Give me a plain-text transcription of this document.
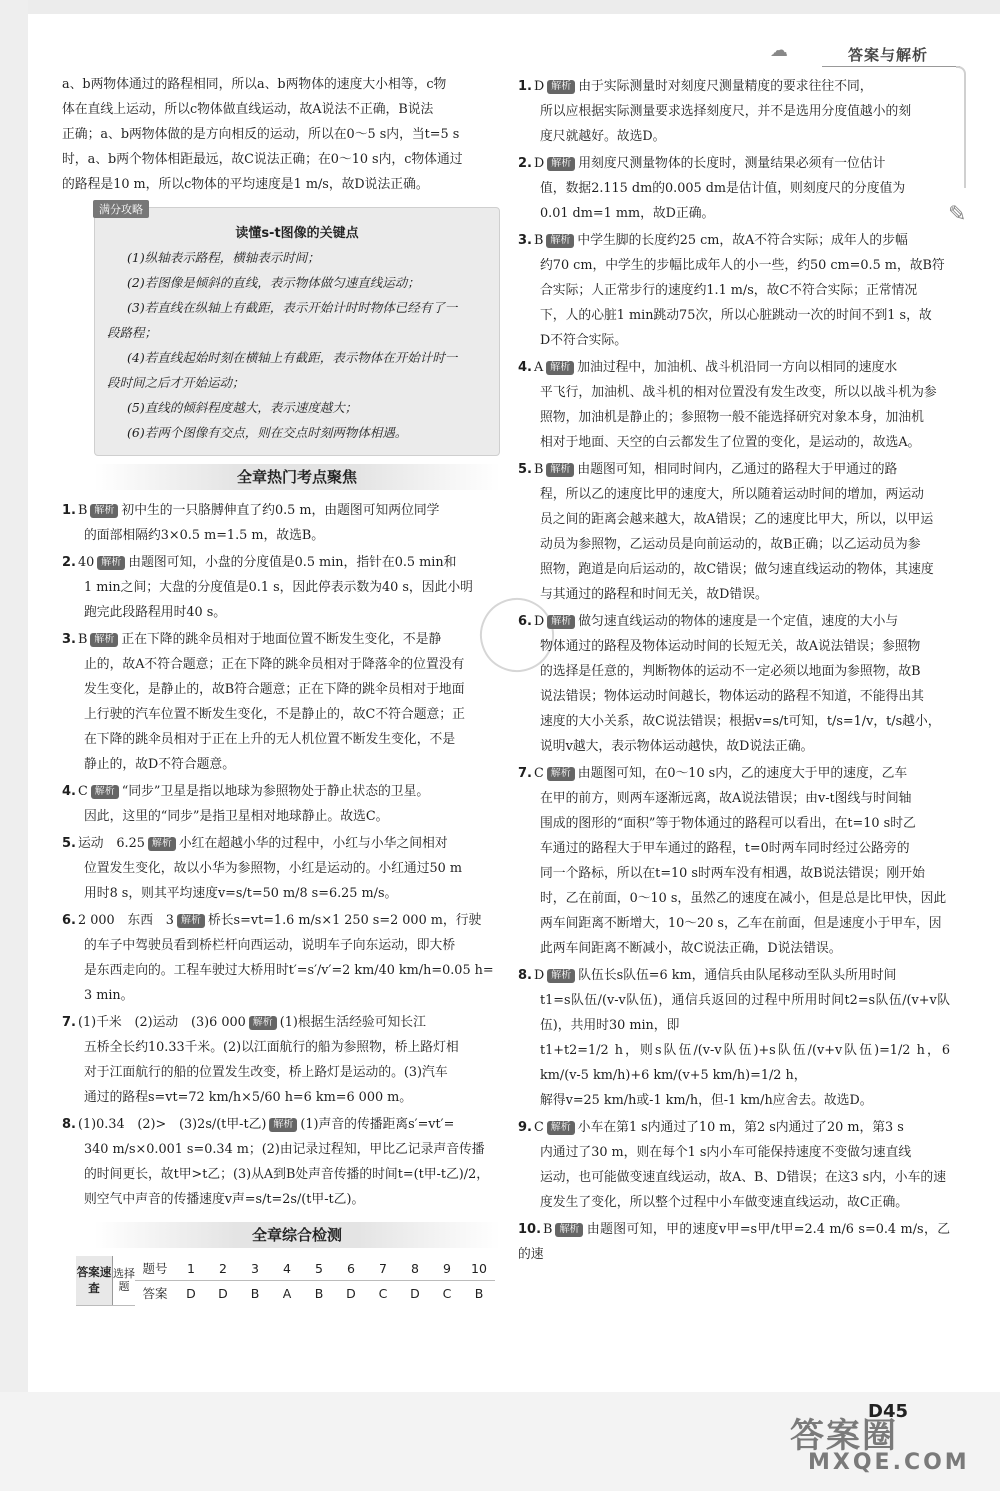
☁	答案与解析
✎

a、b两物体通过的路程相同，所以a、b两物体的速度大小相等，c物

体在直线上运动，所以c物体做直线运动，故A说法不正确，B说法

正确；a、b两物体做的是方向相反的运动，所以在0～5 s内，当t=5 s

时，a、b两个物体相距最远，故C说法正确；在0～10 s内，c物体通过

的路程是10 m，所以c物体的平均速度是1 m/s，故D说法正确。

满分攻略
读懂s-t图像的关键点

(1)纵轴表示路程，横轴表示时间；

(2)若图像是倾斜的直线，表示物体做匀速直线运动；

(3)若直线在纵轴上有截距，表示开始计时时物体已经有了一

段路程；

(4)若直线起始时刻在横轴上有截距，表示物体在开始计时一

段时间之后才开始运动；

(5)直线的倾斜程度越大，表示速度越大；

(6)若两个图像有交点，则在交点时刻两物体相遇。

全章热门考点聚焦

1. B 解析 初中生的一只胳膊伸直了约0.5 m，由题图可知两位同学

的面部相隔约3×0.5 m=1.5 m，故选B。

2. 40 解析 由题图可知，小盘的分度值是0.5 min，指针在0.5 min和

1 min之间；大盘的分度值是0.1 s，因此停表示数为40 s，因此小明

跑完此段路程用时40 s。

3. B 解析 正在下降的跳伞员相对于地面位置不断发生变化，不是静

止的，故A不符合题意；正在下降的跳伞员相对于降落伞的位置没有

发生变化，是静止的，故B符合题意；正在下降的跳伞员相对于地面

上行驶的汽车位置不断发生变化，不是静止的，故C不符合题意；正

在下降的跳伞员相对于正在上升的无人机位置不断发生变化，不是

静止的，故D不符合题意。

4. C 解析 “同步”卫星是指以地球为参照物处于静止状态的卫星。

因此，这里的“同步”是指卫星相对地球静止。故选C。

5. 运动　6.25 解析 小红在超越小华的过程中，小红与小华之间相对

位置发生变化，故以小华为参照物，小红是运动的。小红通过50 m

用时8 s，则其平均速度v=s/t=50 m/8 s=6.25 m/s。

6. 2 000　东西　3 解析 桥长s=vt=1.6 m/s×1 250 s=2 000 m，行驶

的车子中驾驶员看到桥栏杆向西运动，说明车子向东运动，即大桥

是东西走向的。工程车驶过大桥用时t′=s′/v′=2 km/40 km/h=0.05 h=

3 min。

7. (1)千米　(2)运动　(3)6 000 解析 (1)根据生活经验可知长江

五桥全长约10.33千米。(2)以江面航行的船为参照物，桥上路灯相

对于江面航行的船的位置发生改变，桥上路灯是运动的。(3)汽车

通过的路程s=vt=72 km/h×5/60 h=6 km=6 000 m。

8. (1)0.34　(2)>　(3)2s/(t甲-t乙) 解析 (1)声音的传播距离s′=vt′=

340 m/s×0.001 s=0.34 m；(2)由记录过程知，甲比乙记录声音传播

的时间更长，故t甲>t乙；(3)从A到B处声音传播的时间t=(t甲-t乙)/2，

则空气中声音的传播速度v声=s/t=2s/(t甲-t乙)。

全章综合检测
答案速查	选择题	题号	1	2	3	4	5	6	7	8	9	10
		答案	D	D	B	A	B	D	C	D	C	B

1. D 解析 由于实际测量时对刻度尺测量精度的要求往往不同，

所以应根据实际测量要求选择刻度尺，并不是选用分度值越小的刻

度尺就越好。故选D。

2. D 解析 用刻度尺测量物体的长度时，测量结果必须有一位估计

值，数据2.115 dm的0.005 dm是估计值，则刻度尺的分度值为

0.01 dm=1 mm，故D正确。

3. B 解析 中学生脚的长度约25 cm，故A不符合实际；成年人的步幅

约70 cm，中学生的步幅比成年人的小一些，约50 cm=0.5 m，故B符

合实际；人正常步行的速度约1.1 m/s，故C不符合实际；正常情况

下，人的心脏1 min跳动75次，所以心脏跳动一次的时间不到1 s，故

D不符合实际。

4. A 解析 加油过程中，加油机、战斗机沿同一方向以相同的速度水

平飞行，加油机、战斗机的相对位置没有发生改变，所以以战斗机为参

照物，加油机是静止的；参照物一般不能选择研究对象本身，加油机

相对于地面、天空的白云都发生了位置的变化，是运动的，故选A。

5. B 解析 由题图可知，相同时间内，乙通过的路程大于甲通过的路

程，所以乙的速度比甲的速度大，所以随着运动时间的增加，两运动

员之间的距离会越来越大，故A错误；乙的速度比甲大，所以，以甲运

动员为参照物，乙运动员是向前运动的，故B正确；以乙运动员为参

照物，跑道是向后运动的，故C错误；做匀速直线运动的物体，其速度

与其通过的路程和时间无关，故D错误。

6. D 解析 做匀速直线运动的物体的速度是一个定值，速度的大小与

物体通过的路程及物体运动时间的长短无关，故A说法错误；参照物

的选择是任意的，判断物体的运动不一定必须以地面为参照物，故B

说法错误；物体运动时间越长，物体运动的路程不知道，不能得出其

速度的大小关系，故C说法错误；根据v=s/t可知，t/s=1/v，t/s越小，

说明v越大，表示物体运动越快，故D说法正确。

7. C 解析 由题图可知，在0～10 s内，乙的速度大于甲的速度，乙车

在甲的前方，则两车逐渐远离，故A说法错误；由v-t图线与时间轴

围成的图形的“面积”等于物体通过的路程可以看出，在t=10 s时乙

车通过的路程大于甲车通过的路程，t=0时两车同时经过公路旁的

同一个路标，所以在t=10 s时两车没有相遇，故B说法错误；刚开始

时，乙在前面，0～10 s，虽然乙的速度在减小，但是总是比甲快，因此

两车间距离不断增大，10～20 s，乙车在前面，但是速度小于甲车，因

此两车间距离不断减小，故C说法正确，D说法错误。

8. D 解析 队伍长s队伍=6 km，通信兵由队尾移动至队头所用时间

t1=s队伍/(v-v队伍)，通信兵返回的过程中所用时间t2=s队伍/(v+v队伍)，共用时30 min，即

t1+t2=1/2 h，则s队伍/(v-v队伍)+s队伍/(v+v队伍)=1/2 h，6 km/(v-5 km/h)+6 km/(v+5 km/h)=1/2 h，

解得v=25 km/h或-1 km/h，但-1 km/h应舍去。故选D。

9. C 解析 小车在第1 s内通过了10 m，第2 s内通过了20 m，第3 s

内通过了30 m，则在每个1 s内小车可能保持速度不变做匀速直线

运动，也可能做变速直线运动，故A、B、D错误；在这3 s内，小车的速

度发生了变化，所以整个过程中小车做变速直线运动，故C正确。

10. B 解析 由题图可知，甲的速度v甲=s甲/t甲=2.4 m/6 s=0.4 m/s，乙的速

D45
答案圈
MXQE.COM
